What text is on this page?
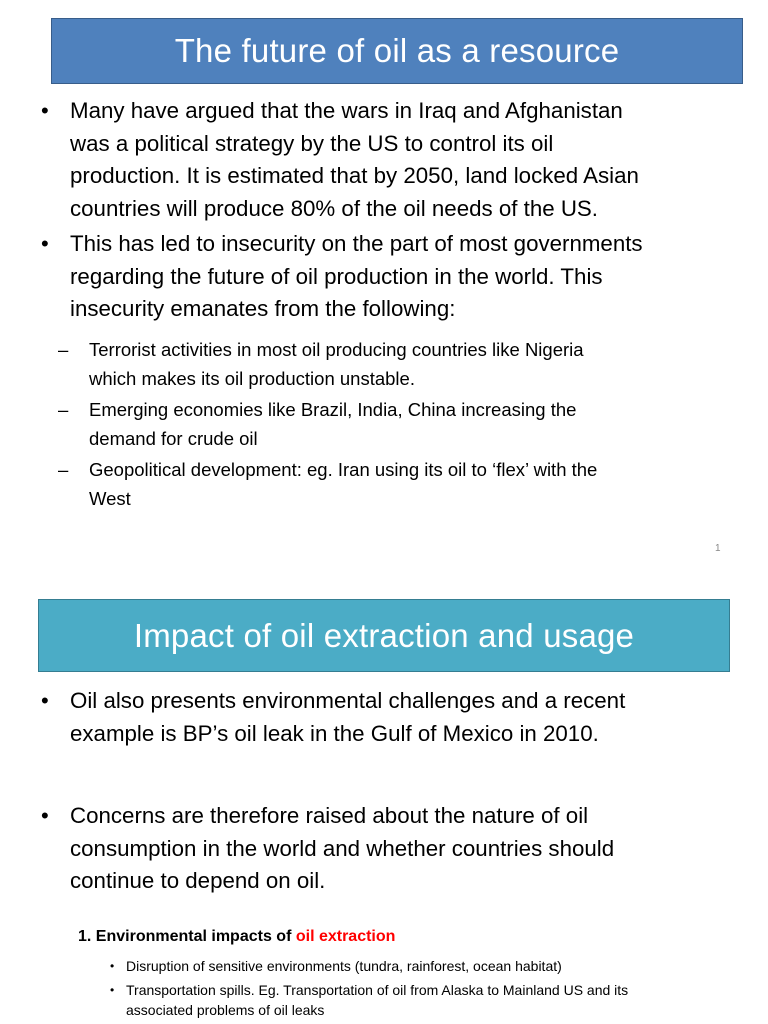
The future of oil as a resource
• Many have argued that the wars in Iraq and Afghanistan
was a political strategy by the US to control its oil
production. It is estimated that by 2050, land locked Asian
countries will produce 80% of the oil needs of the US.
• This has led to insecurity on the part of most governments
regarding the future of oil production in the world. This
insecurity emanates from the following:
– Terrorist activities in most oil producing countries like Nigeria
which makes its oil production unstable.
– Emerging economies like Brazil, India, China increasing the
demand for crude oil
– Geopolitical development: eg. Iran using its oil to ‘flex’ with the
West
1
Impact of oil extraction and usage
• Oil also presents environmental challenges and a recent
example is BP’s oil leak in the Gulf of Mexico in 2010.
• Concerns are therefore raised about the nature of oil
consumption in the world and whether countries should
continue to depend on oil.
1. Environmental impacts of oil extraction
• Disruption of sensitive environments (tundra, rainforest, ocean habitat)
• Transportation spills. Eg. Transportation of oil from Alaska to Mainland US and its
associated problems of oil leaks
